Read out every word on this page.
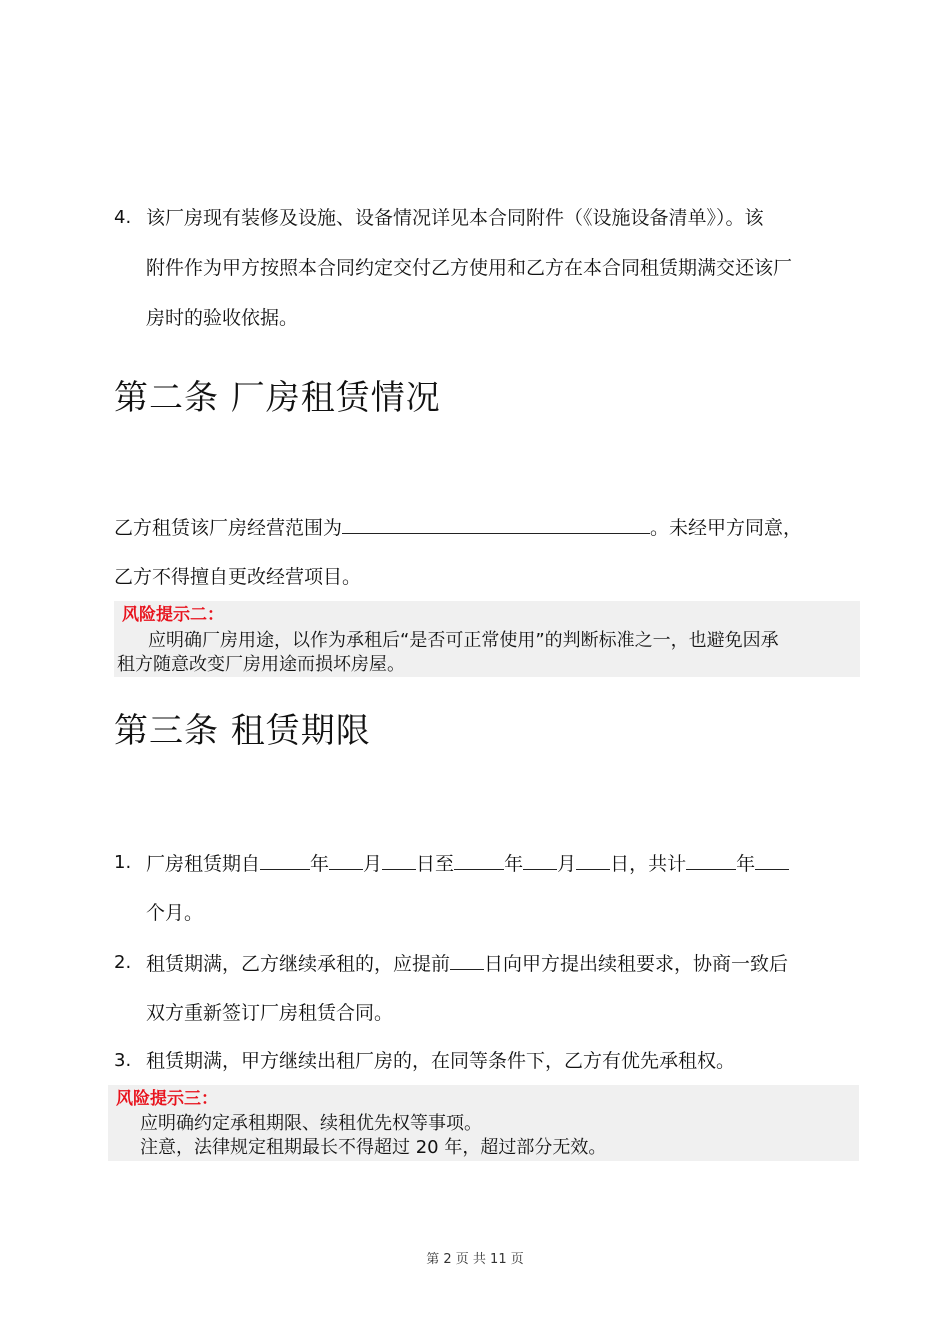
4. 该厂房现有装修及设施、设备情况详见本合同附件（《设施设备清单》）。该
附件作为甲方按照本合同约定交付乙方使用和乙方在本合同租赁期满交还该厂
房时的验收依据。
第二条 厂房租赁情况
乙方租赁该厂房经营范围为	。未经甲方同意，
乙方不得擅自更改经营项目。
风险提示二：
应明确厂房用途，以作为承租后“是否可正常使用”的判断标准之一，也避免因承
租方随意改变厂房用途而损坏房屋。
第三条 租赁期限
1. 厂房租赁期自	年 月 日至	年 月 日，共计	年
个月。
2. 租赁期满，乙方继续承租的，应提前 日向甲方提出续租要求，协商一致后
双方重新签订厂房租赁合同。
3. 租赁期满，甲方继续出租厂房的，在同等条件下，乙方有优先承租权。
风险提示三：
应明确约定承租期限、续租优先权等事项。
注意，法律规定租期最长不得超过 20 年，超过部分无效。
第 2 页 共 11 页
